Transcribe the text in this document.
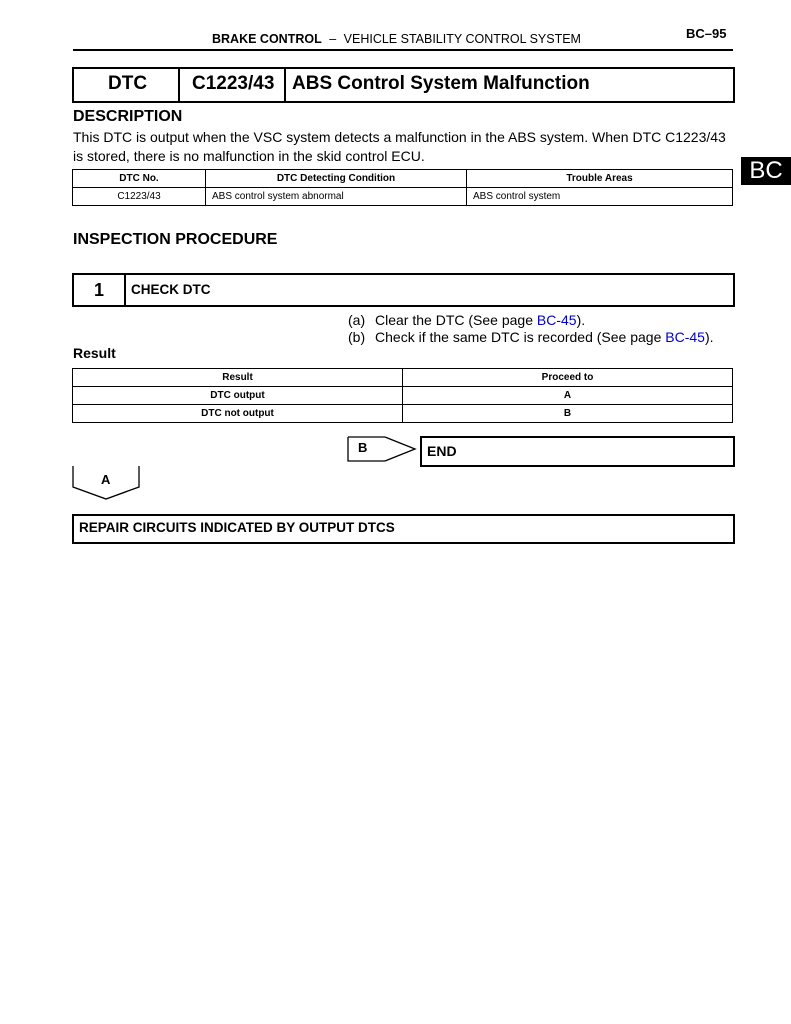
BRAKE CONTROL – VEHICLE STABILITY CONTROL SYSTEM	BC–95
DTC C1223/43 ABS Control System Malfunction
DESCRIPTION
This DTC is output when the VSC system detects a malfunction in the ABS system. When DTC C1223/43
is stored, there is no malfunction in the skid control ECU.
DTC No.	DTC Detecting Condition	Trouble Areas
C1223/43	ABS control system abnormal	ABS control system
BC
INSPECTION PROCEDURE
1	CHECK DTC
(a) Clear the DTC (See page BC-45).
(b) Check if the same DTC is recorded (See page BC-45).
Result
Result	Proceed to
DTC output	A
DTC not output	B
B	END
A
REPAIR CIRCUITS INDICATED BY OUTPUT DTCS
